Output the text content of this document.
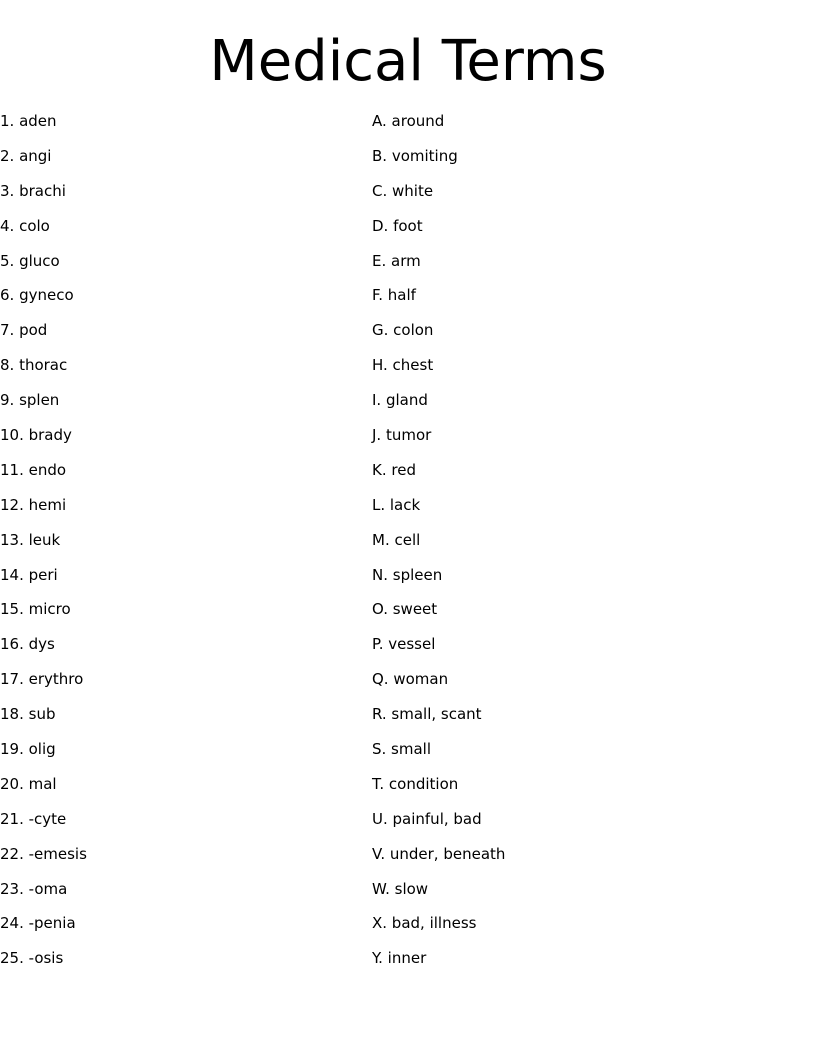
Medical Terms
1. aden
2. angi
3. brachi
4. colo
5. gluco
6. gyneco
7. pod
8. thorac
9. splen
10. brady
11. endo
12. hemi
13. leuk
14. peri
15. micro
16. dys
17. erythro
18. sub
19. olig
20. mal
21. -cyte
22. -emesis
23. -oma
24. -penia
25. -osis
A. around
B. vomiting
C. white
D. foot
E. arm
F. half
G. colon
H. chest
I. gland
J. tumor
K. red
L. lack
M. cell
N. spleen
O. sweet
P. vessel
Q. woman
R. small, scant
S. small
T. condition
U. painful, bad
V. under, beneath
W. slow
X. bad, illness
Y. inner
